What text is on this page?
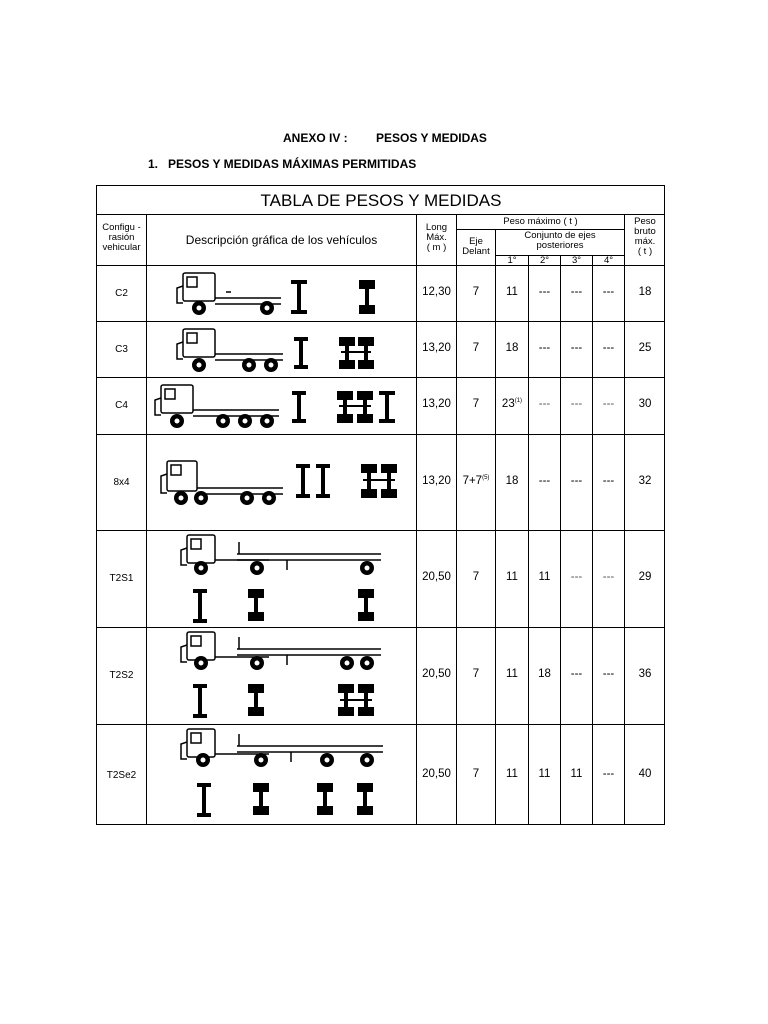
ANEXO IV : PESOS Y MEDIDAS
1.   PESOS Y MEDIDAS MÁXIMAS PERMITIDAS
TABLA DE PESOS Y MEDIDAS
Configu -
rasión
vehicular
Descripción gráfica de los vehículos
Long
Máx.
( m )
Peso máximo ( t )
Eje
Delant
Conjunto de ejes
posteriores
1°	2°	3°	4°
Peso
bruto
máx.
( t )
C2	12,30	7	11	---	---	---	18
C3	13,20	7	18	---	---	---	25
C4	13,20	7	23$^{(1)}$	---	---	---	30
8x4	13,20	$7+7^{(5)}$	18	---	---	---	32
T2S1	20,50	7	11	11	---	---	29
T2S2	20,50	7	11	18	---	---	36
T2Se2	20,50	7	11	11	11	---	40
